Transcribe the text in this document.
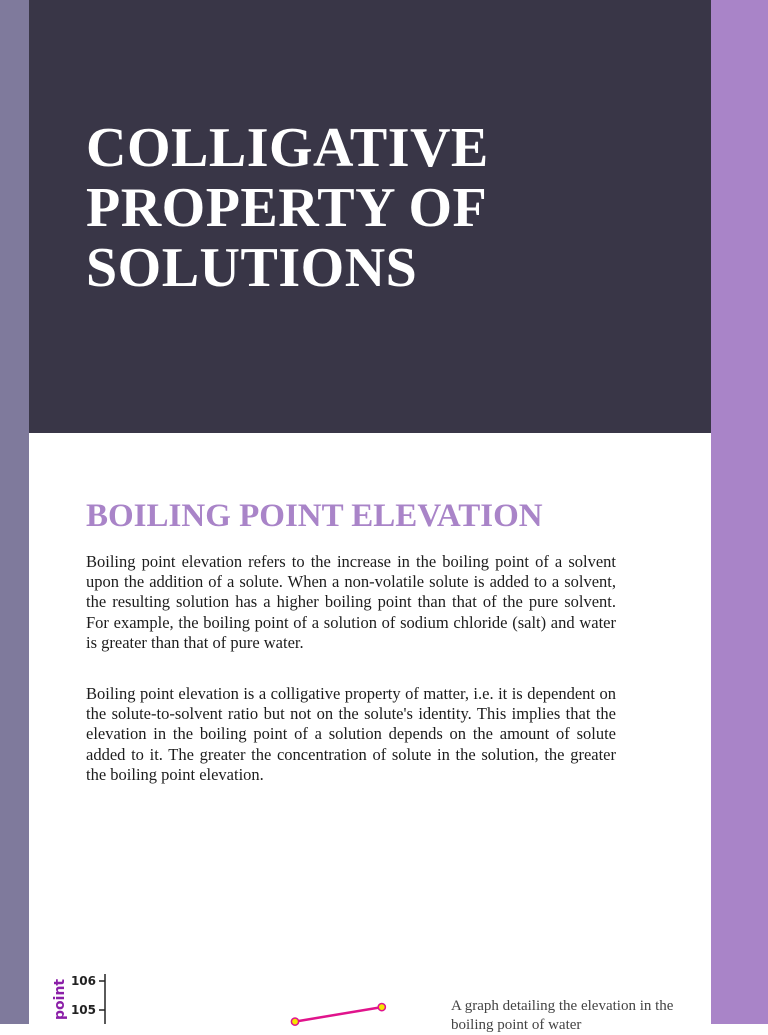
COLLIGATIVE
PROPERTY OF
SOLUTIONS
BOILING POINT ELEVATION

Boiling point elevation refers to the increase in the boiling point of a solvent upon the addition of a solute. When a non-volatile solute is added to a solvent, the resulting solution has a higher boiling point than that of the pure solvent. For example, the boiling point of a solution of sodium chloride (salt) and water is greater than that of pure water.

Boiling point elevation is a colligative property of matter, i.e. it is dependent on the solute-to-solvent ratio but not on the solute's identity. This implies that the elevation in the boiling point of a solution depends on the amount of solute added to it. The greater the concentration of solute in the solution, the greater the boiling point elevation.

106
105
point	A graph detailing the elevation in the boiling point of water
